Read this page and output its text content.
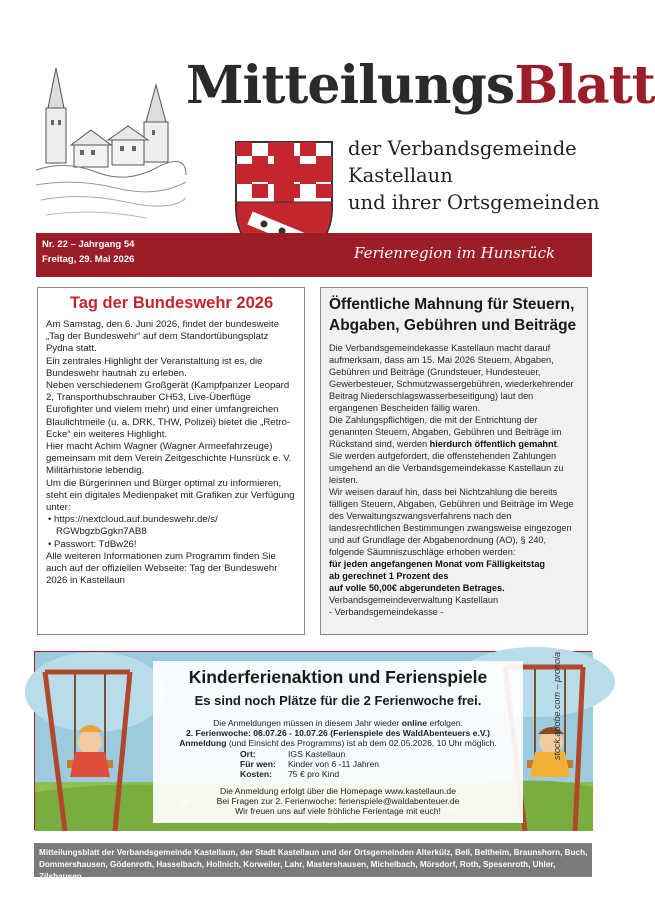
MitteilungsBlatt
der Verbandsgemeinde
Kastellaun
und ihrer Ortsgemeinden
Nr. 22 – Jahrgang 54
Freitag, 29. Mai 2026	Ferienregion im Hunsrück
Tag der Bundeswehr 2026

Am Samstag, den 6. Juni 2026, findet der bundesweite „Tag der Bundeswehr“ auf dem Standortübungsplatz Pydna statt.

Ein zentrales Highlight der Veranstaltung ist es, die Bundeswehr hautnah zu erleben.

Neben verschiedenem Großgerät (Kampfpanzer Leopard 2, Transporthubschrauber CH53, Live-Überflüge Eurofighter und vielem mehr) und einer umfangreichen Blaulichtmeile (u. a. DRK, THW, Polizei) bietet die „Retro-Ecke“ ein weiteres Highlight.

Hier macht Achim Wagner (Wagner Armeefahrzeuge) gemeinsam mit dem Verein Zeitgeschichte Hunsrück e. V. Militärhistorie lebendig.

Um die Bürgerinnen und Bürger optimal zu informieren, steht ein digitales Medienpaket mit Grafiken zur Verfügung unter:

• https://nextcloud.auf.bundeswehr.de/s/ RGWbgzbGgkn7AB8

• Passwort: TdBw26!

Alle weiteren Informationen zum Programm finden Sie auch auf der offiziellen Webseite: Tag der Bundeswehr 2026 in Kastellaun

Öffentliche Mahnung für Steuern, Abgaben, Gebühren und Beiträge

Die Verbandsgemeindekasse Kastellaun macht darauf aufmerksam, dass am 15. Mai 2026 Steuern, Abgaben, Gebühren und Beiträge (Grundsteuer, Hundesteuer, Gewerbesteuer, Schmutzwassergebühren, wiederkehrender Beitrag Niederschlagswasserbeseitigung) laut den ergangenen Bescheiden fällig waren.

Die Zahlungspflichtigen, die mit der Entrichtung der genannten Steuern, Abgaben, Gebühren und Beiträge im Rückstand sind, werden hierdurch öffentlich gemahnt.

Sie werden aufgefordert, die offenstehenden Zahlungen umgehend an die Verbandsgemeindekasse Kastellaun zu leisten.

Wir weisen darauf hin, dass bei Nichtzahlung die bereits fälligen Steuern, Abgaben, Gebühren und Beiträge im Wege des Verwaltungszwangsverfahrens nach den landesrechtlichen Bestimmungen zwangsweise eingezogen und auf Grundlage der Abgabenordnung (AO), § 240, folgende Säumniszuschläge erhoben werden:

für jeden angefangenen Monat vom Fälligkeitstag

ab gerechnet 1 Prozent des

auf volle 50,00€ abgerundeten Betrages.

Verbandsgemeindeverwaltung Kastellaun

- Verbandsgemeindekasse -

Kinderferienaktion und Ferienspiele
Es sind noch Plätze für die 2 Ferienwoche frei.
Die Anmeldungen müssen in diesem Jahr wieder online erfolgen.
2. Ferienwoche: 06.07.26 - 10.07.26 (Ferienspiele des WaldAbenteuers e.V.)
Anmeldung (und Einsicht des Programms) ist ab dem 02.05.2026, 10 Uhr möglich.
Ort:	IGS Kastellaun
Für wen: Kinder von 6 -11 Jahren
Kosten: 75 € pro Kind
Die Anmeldung erfolgt über die Homepage www.kastellaun.de
Bei Fragen zur 2. Ferienwoche: ferienspiele@waldabenteuer.de
Wir freuen uns auf viele fröhliche Ferientage mit euch!
stock.adobe.com – pronoia
Mitteilungsblatt der Verbandsgemeinde Kastellaun, der Stadt Kastellaun und der Ortsgemeinden Alterkülz, Bell, Beltheim, Braunshorn, Buch, Dommershausen, Gödenroth, Hasselbach, Hollnich, Korweiler, Lahr, Mastershausen, Michelbach, Mörsdorf, Roth, Spesenroth, Uhler, Zilshausen
